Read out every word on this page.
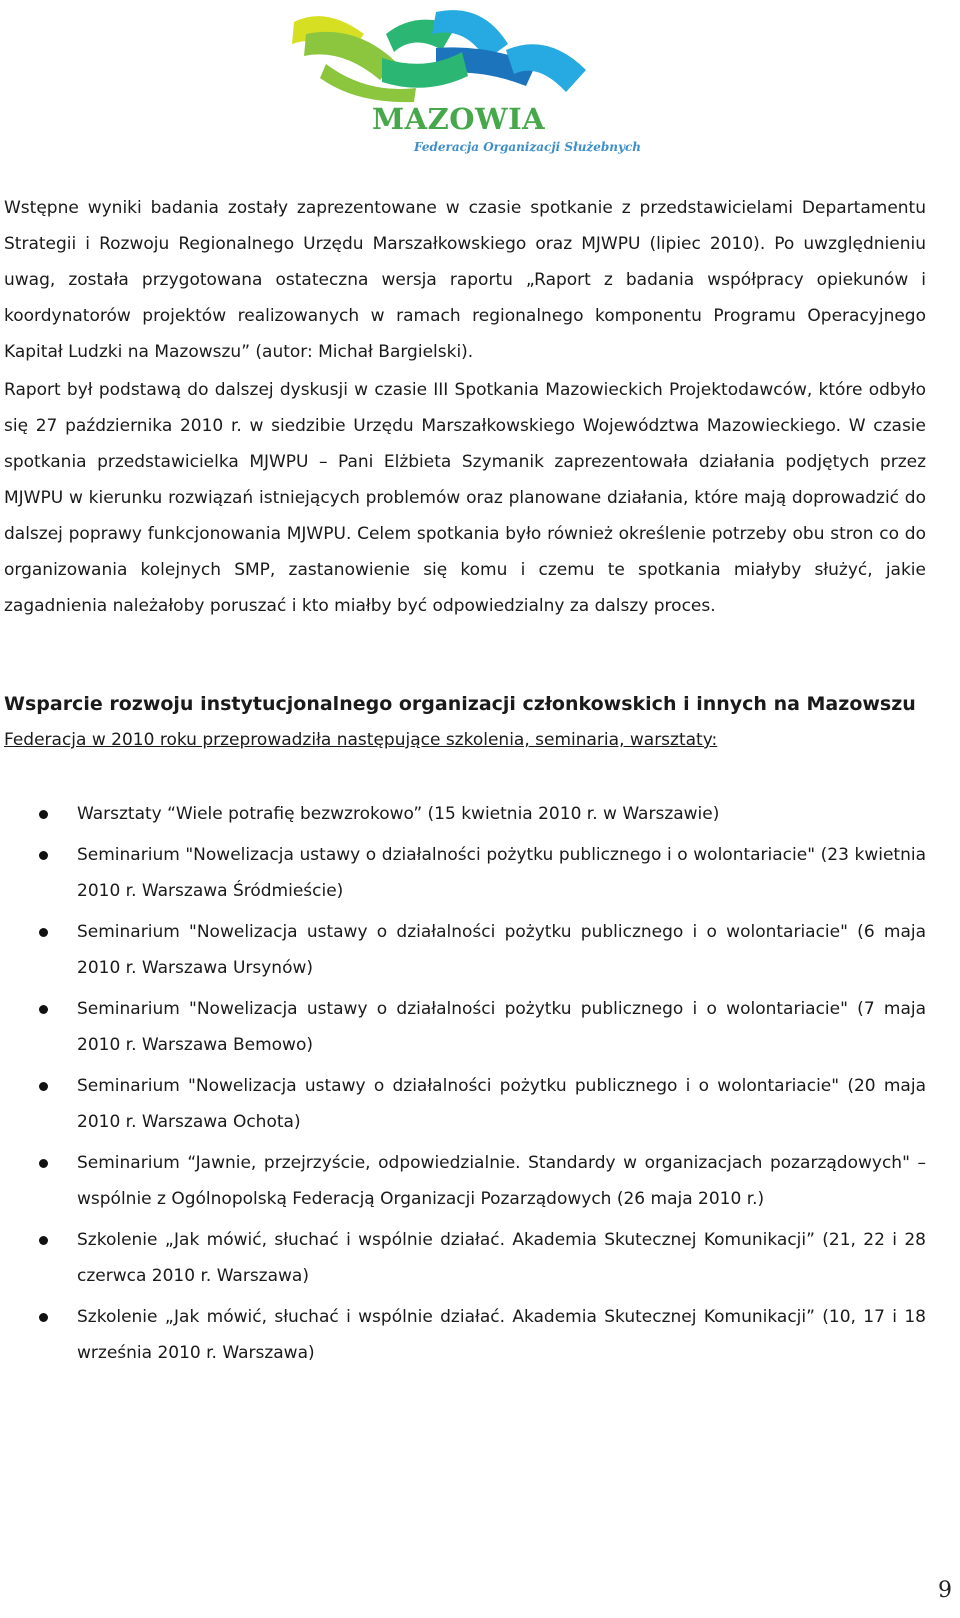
MAZOWIA
Federacja Organizacji Służebnych

Wstępne wyniki badania zostały zaprezentowane w czasie spotkanie z przedstawicielami Departamentu Strategii i Rozwoju Regionalnego Urzędu Marszałkowskiego oraz MJWPU (lipiec 2010). Po uwzględnieniu uwag, została przygotowana ostateczna wersja raportu „Raport z badania współpracy opiekunów i koordynatorów projektów realizowanych w ramach regionalnego komponentu Programu Operacyjnego Kapitał Ludzki na Mazowszu” (autor: Michał Bargielski).

Raport był podstawą do dalszej dyskusji w czasie III Spotkania Mazowieckich Projektodawców, które odbyło się 27 października 2010 r. w siedzibie Urzędu Marszałkowskiego Województwa Mazowieckiego. W czasie spotkania przedstawicielka MJWPU – Pani Elżbieta Szymanik zaprezentowała działania podjętych przez MJWPU w kierunku rozwiązań istniejących problemów oraz planowane działania, które mają doprowadzić do dalszej poprawy funkcjonowania MJWPU. Celem spotkania było również określenie potrzeby obu stron co do organizowania kolejnych SMP, zastanowienie się komu i czemu te spotkania miałyby służyć, jakie zagadnienia należałoby poruszać i kto miałby być odpowiedzialny za dalszy proces.

Wsparcie rozwoju instytucjonalnego organizacji członkowskich i innych na Mazowszu

Federacja w 2010 roku przeprowadziła następujące szkolenia, seminaria, warsztaty:

Warsztaty “Wiele potrafię bezwzrokowo” (15 kwietnia 2010 r. w Warszawie)
Seminarium "Nowelizacja ustawy o działalności pożytku publicznego i o wolontariacie" (23 kwietnia 2010 r. Warszawa Śródmieście)
Seminarium "Nowelizacja ustawy o działalności pożytku publicznego i o wolontariacie" (6 maja 2010 r. Warszawa Ursynów)
Seminarium "Nowelizacja ustawy o działalności pożytku publicznego i o wolontariacie" (7 maja 2010 r. Warszawa Bemowo)
Seminarium "Nowelizacja ustawy o działalności pożytku publicznego i o wolontariacie" (20 maja 2010 r. Warszawa Ochota)
Seminarium “Jawnie, przejrzyście, odpowiedzialnie. Standardy w organizacjach pozarządowych" – wspólnie z Ogólnopolską Federacją Organizacji Pozarządowych (26 maja 2010 r.)
Szkolenie „Jak mówić, słuchać i wspólnie działać. Akademia Skutecznej Komunikacji” (21, 22 i 28 czerwca 2010 r. Warszawa)
Szkolenie „Jak mówić, słuchać i wspólnie działać. Akademia Skutecznej Komunikacji” (10, 17 i 18 września 2010 r. Warszawa)
9
